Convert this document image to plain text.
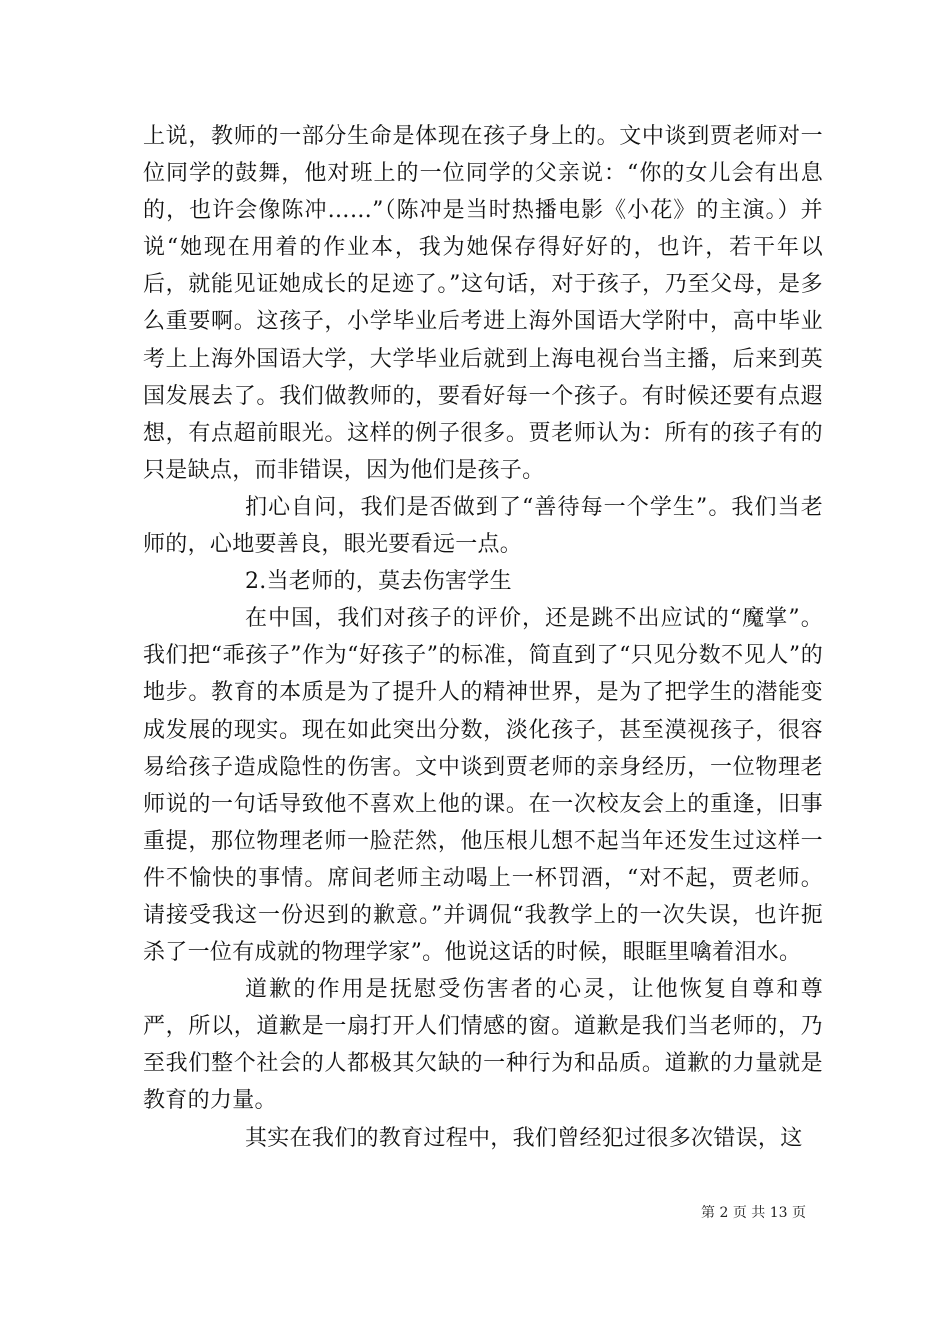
上说，教师的一部分生命是体现在孩子身上的。文中谈到贾老师对一位同学的鼓舞，他对班上的一位同学的父亲说：“你的女儿会有出息的，也许会像陈冲……”（陈冲是当时热播电影《小花》的主演。）并说“她现在用着的作业本，我为她保存得好好的，也许，若干年以后，就能见证她成长的足迹了。”这句话，对于孩子，乃至父母，是多么重要啊。这孩子，小学毕业后考进上海外国语大学附中，高中毕业考上上海外国语大学，大学毕业后就到上海电视台当主播，后来到英国发展去了。我们做教师的，要看好每一个孩子。有时候还要有点遐想，有点超前眼光。这样的例子很多。贾老师认为：所有的孩子有的只是缺点，而非错误，因为他们是孩子。

扪心自问，我们是否做到了“善待每一个学生”。我们当老师的，心地要善良，眼光要看远一点。

2.当老师的，莫去伤害学生

在中国，我们对孩子的评价，还是跳不出应试的“魔掌”。我们把“乖孩子”作为“好孩子”的标准，简直到了“只见分数不见人”的地步。教育的本质是为了提升人的精神世界，是为了把学生的潜能变成发展的现实。现在如此突出分数，淡化孩子，甚至漠视孩子，很容易给孩子造成隐性的伤害。文中谈到贾老师的亲身经历，一位物理老师说的一句话导致他不喜欢上他的课。在一次校友会上的重逢，旧事重提，那位物理老师一脸茫然，他压根儿想不起当年还发生过这样一件不愉快的事情。席间老师主动喝上一杯罚酒，“对不起，贾老师。请接受我这一份迟到的歉意。”并调侃“我教学上的一次失误，也许扼杀了一位有成就的物理学家”。他说这话的时候，眼眶里噙着泪水。

道歉的作用是抚慰受伤害者的心灵，让他恢复自尊和尊严，所以，道歉是一扇打开人们情感的窗。道歉是我们当老师的，乃至我们整个社会的人都极其欠缺的一种行为和品质。道歉的力量就是教育的力量。

其实在我们的教育过程中，我们曾经犯过很多次错误，这

第 2 页 共 13 页
